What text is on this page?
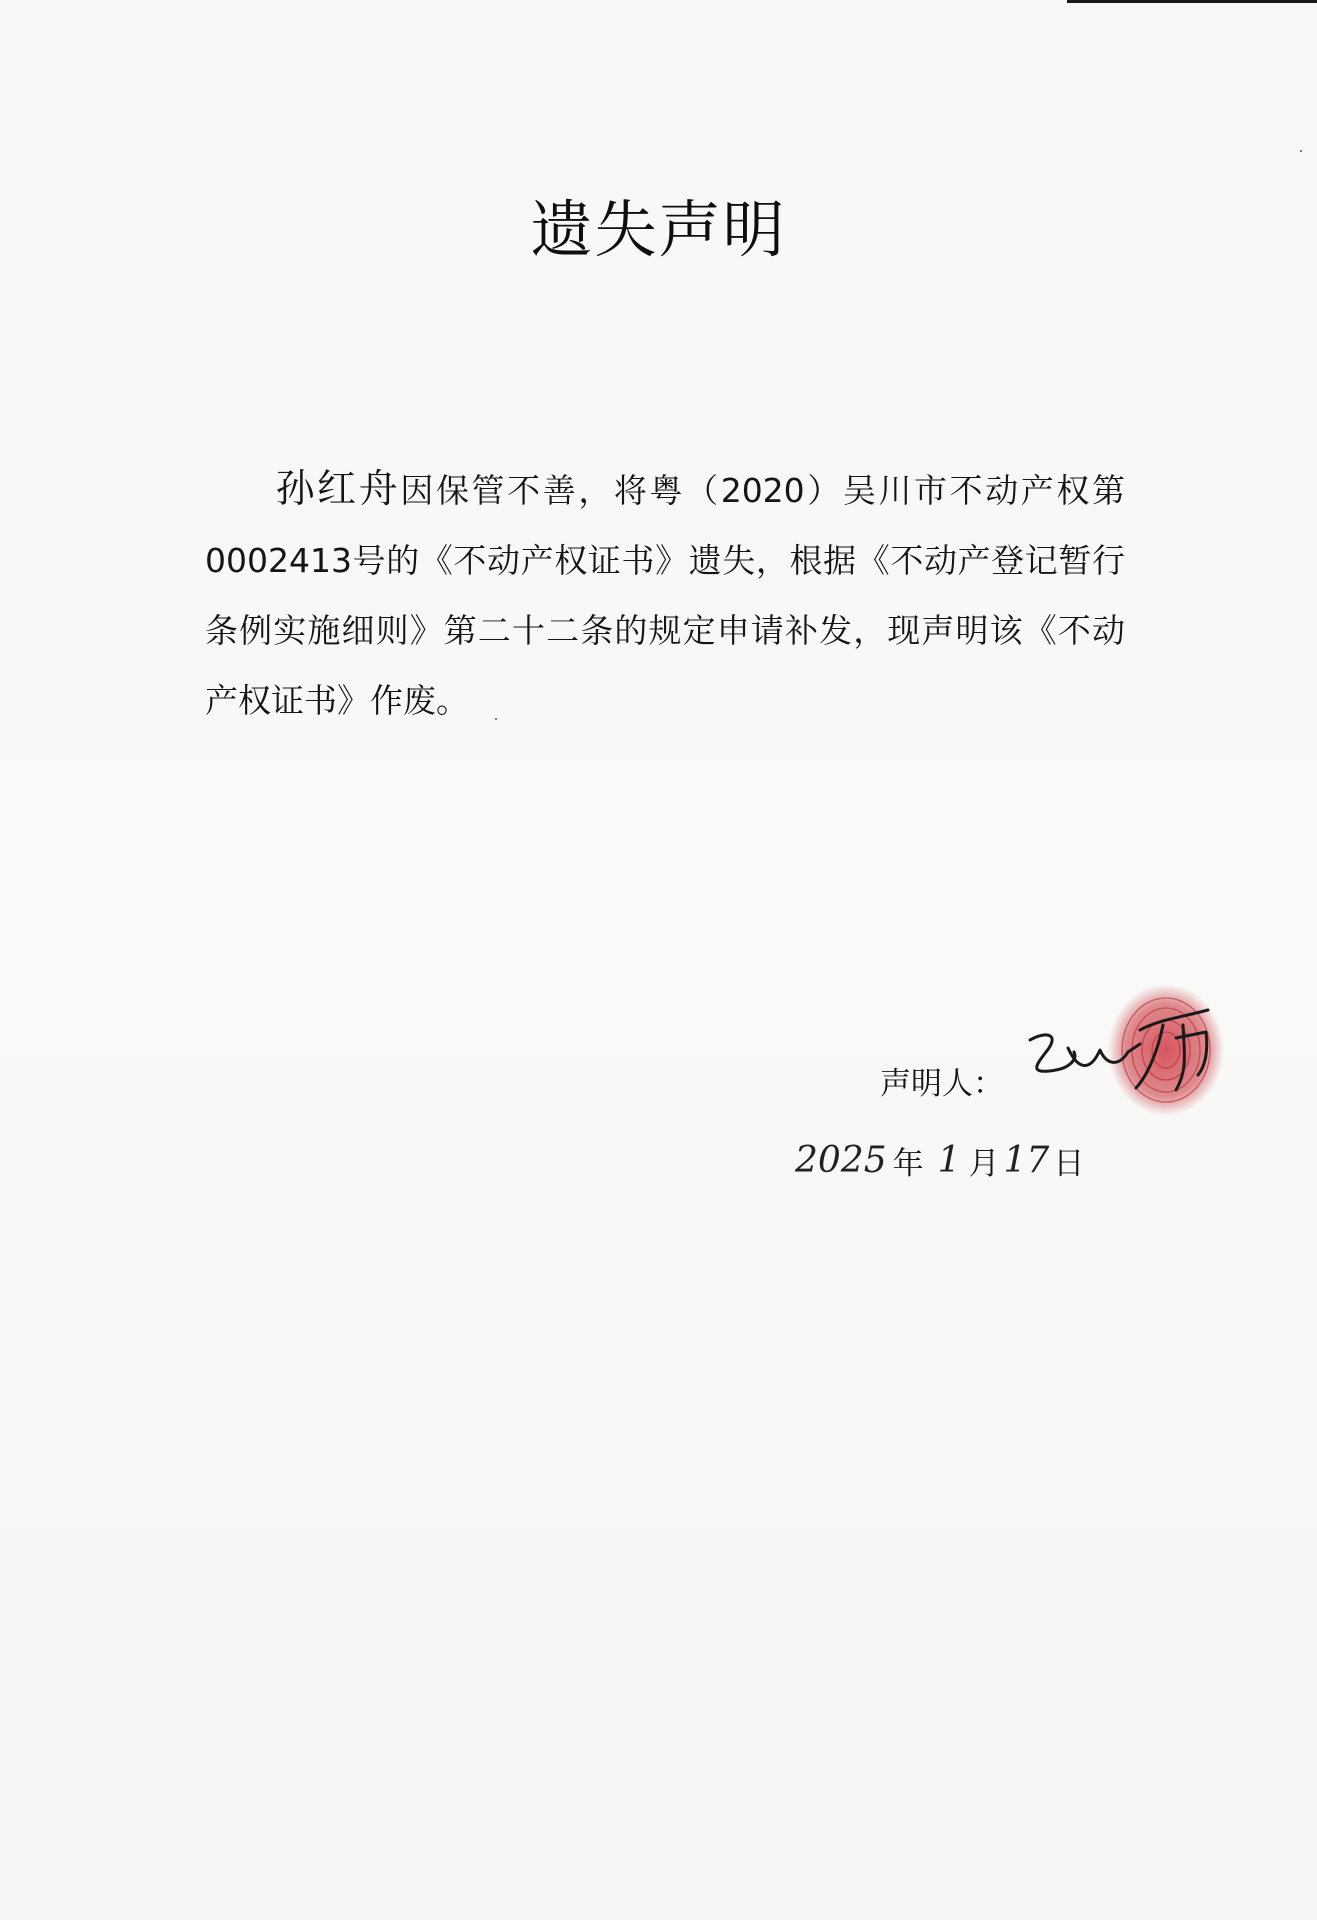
遗失声明
孙红舟因保管不善，将粤（2020）吴川市不动产权第0002413号的《不动产权证书》遗失，根据《不动产登记暂行条例实施细则》第二十二条的规定申请补发，现声明该《不动产权证书》作废。
声明人：
2025 年 1 月 17 日
